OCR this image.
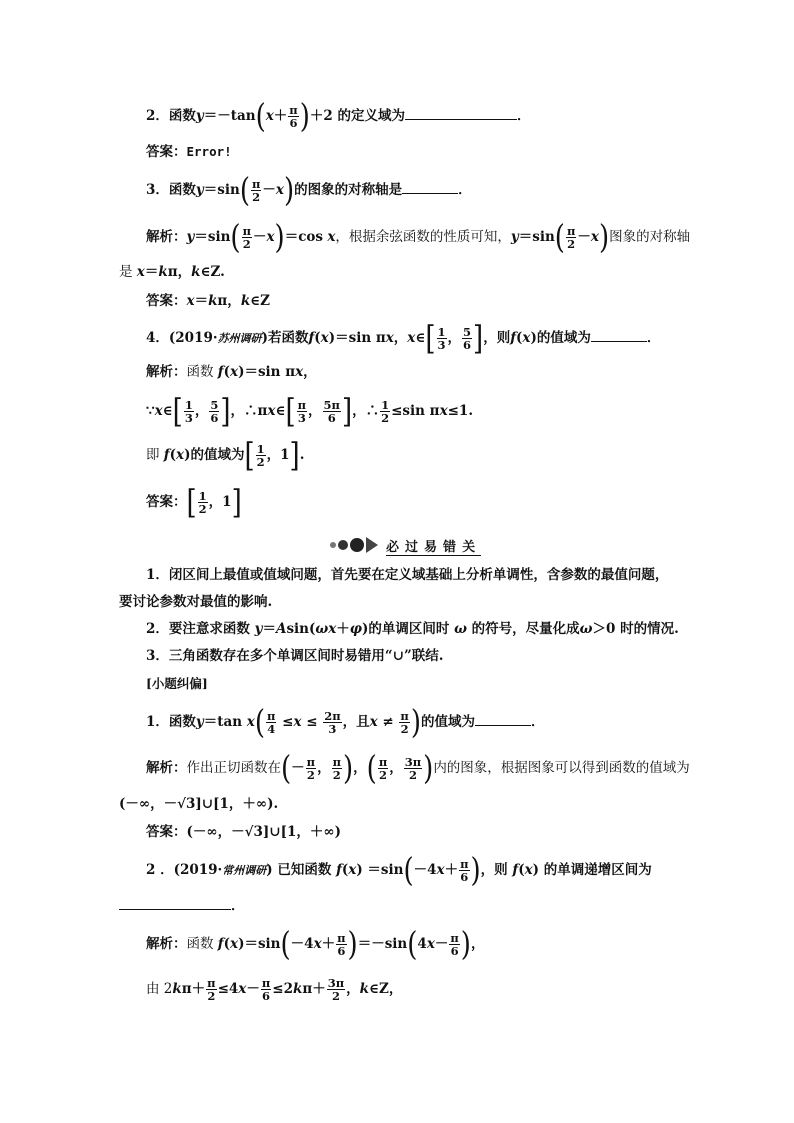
2．函数$y=-\tan(x+ \frac{\pi}{6} )+2$ 的定义域为	．
答案：Error!
3．函数$y=\sin( \frac{\pi}{2} -x)$的图象的对称轴是	．
解析：$y=\sin( \frac{\pi}{2} -x)=\cos$ x，根据余弦函数的性质可知，$y=\sin( \frac{\pi}{2} -x)$图象的对称轴
是 x＝kπ，k∈Z.
答案：x＝kπ，k∈Z
4．(2019·苏州调研)若函数f(x)＝sin πx，x∈[ $\frac{1}{3}$ ， $\frac{5}{6}$ ]，则f(x)的值域为	．
解析：函数 f(x)＝sin πx，
∵x∈[ $\frac{1}{3}$ ， $\frac{5}{6}$ ]，∴πx∈[ $\frac{\pi}{3}$ ， $\frac{5\pi}{6}$ ]，∴ $\frac{1}{2} \le\sin$ πx≤1.
即 f(x)的值域为[ $\frac{1}{2}$ ，1].
答案：[ $\frac{1}{2}$ ，1]
必过易错关
1．闭区间上最值或值域问题，首先要在定义域基础上分析单调性，含参数的最值问题，
要讨论参数对最值的影响.
2．要注意求函数 y＝Asin(ωx＋φ)的单调区间时 ω 的符号，尽量化成ω＞0 时的情况.
3．三角函数存在多个单调区间时易错用“∪”联结.
[小题纠偏]
1．函数y＝tan $x( \frac{\pi}{4} \le x \le \frac{2\pi}{3}$ ，且$x \ne \frac{\pi}{2}$ )的值域为	．
解析：作出正切函数在(－ $\frac{\pi}{2}$ ， $\frac{\pi}{2}$ )，( $\frac{\pi}{2}$ ， $\frac{3\pi}{2}$ )内的图象，根据图象可以得到函数的值域为
(－∞，－√3]∪[1，＋∞).
答案：(－∞，－√3]∪[1，＋∞)
2 ．(2019·常州调研) 已知函数 $f(x) =\sin(-4x+ \frac{\pi}{6}$ )，则 f(x) 的单调递增区间为
．
解析：函数 $f(x)=\sin(-4x+ \frac{\pi}{6} )=-\sin(4x- \frac{\pi}{6}$ )，
由 $2k\pi+ \frac{\pi}{2} \le 4x- \frac{\pi}{6} \le 2k\pi+ \frac{3\pi}{2}$ ，k∈Z，
